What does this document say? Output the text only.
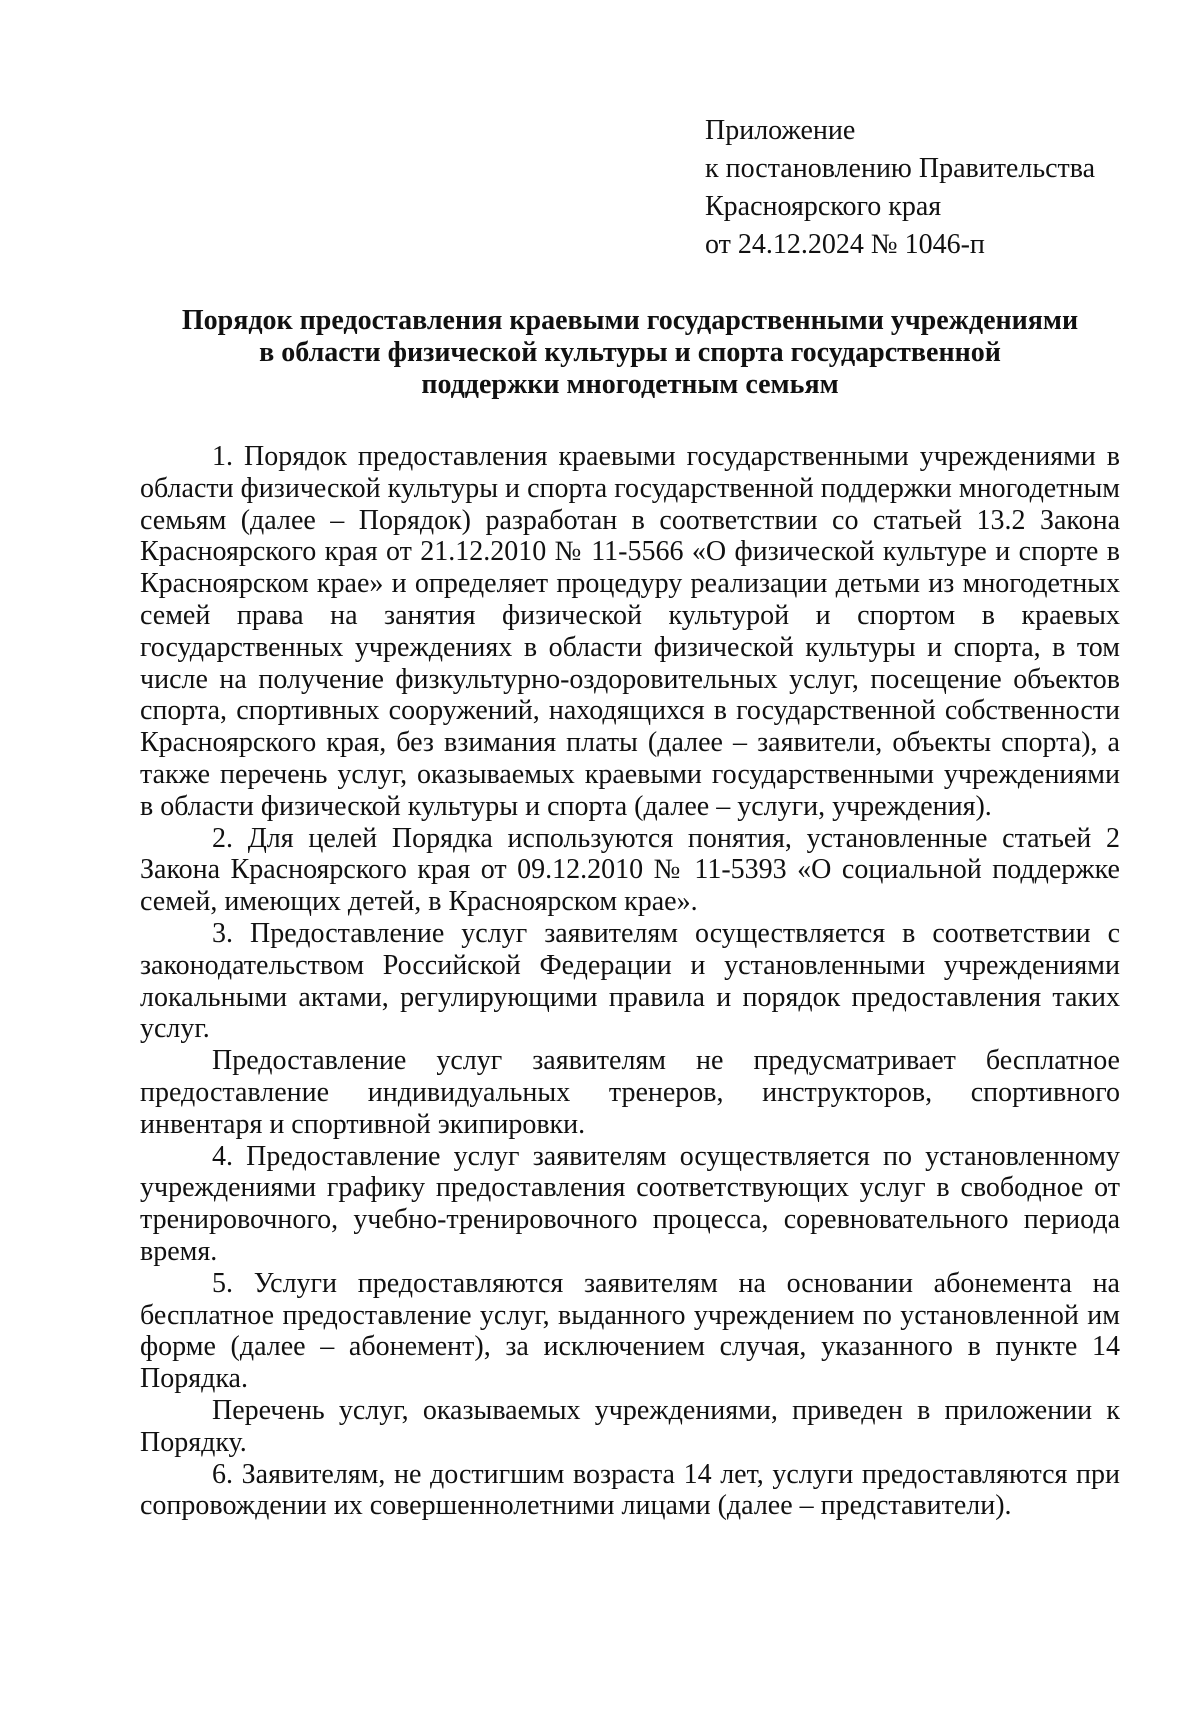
Приложение
к постановлению Правительства
Красноярского края
от 24.12.2024 № 1046-п
Порядок предоставления краевыми государственными учреждениями
в области физической культуры и спорта государственной
поддержки многодетным семьям

1. Порядок предоставления краевыми государственными учреждениями в области физической культуры и спорта государственной поддержки многодетным семьям (далее – Порядок) разработан в соответствии со статьей 13.2 Закона Красноярского края от 21.12.2010 № 11-5566 «О физической культуре и спорте в Красноярском крае» и определяет процедуру реализации детьми из многодетных семей права на занятия физической культурой и спортом в краевых государственных учреждениях в области физической культуры и спорта, в том числе на получение физкультурно-оздоровительных услуг, посещение объектов спорта, спортивных сооружений, находящихся в государственной собственности Красноярского края, без взимания платы (далее – заявители, объекты спорта), а также перечень услуг, оказываемых краевыми государственными учреждениями в области физической культуры и спорта (далее – услуги, учреждения).

2. Для целей Порядка используются понятия, установленные статьей 2 Закона Красноярского края от 09.12.2010 № 11-5393 «О социальной поддержке семей, имеющих детей, в Красноярском крае».

3. Предоставление услуг заявителям осуществляется в соответствии с законодательством Российской Федерации и установленными учреждениями локальными актами, регулирующими правила и порядок предоставления таких услуг.

Предоставление услуг заявителям не предусматривает бесплатное предоставление индивидуальных тренеров, инструкторов, спортивного инвентаря и спортивной экипировки.

4. Предоставление услуг заявителям осуществляется по установленному учреждениями графику предоставления соответствующих услуг в свободное от тренировочного, учебно-тренировочного процесса, соревновательного периода время.

5. Услуги предоставляются заявителям на основании абонемента на бесплатное предоставление услуг, выданного учреждением по установленной им форме (далее – абонемент), за исключением случая, указанного в пункте 14 Порядка.

Перечень услуг, оказываемых учреждениями, приведен в приложении к Порядку.

6. Заявителям, не достигшим возраста 14 лет, услуги предоставляются при сопровождении их совершеннолетними лицами (далее – представители).
